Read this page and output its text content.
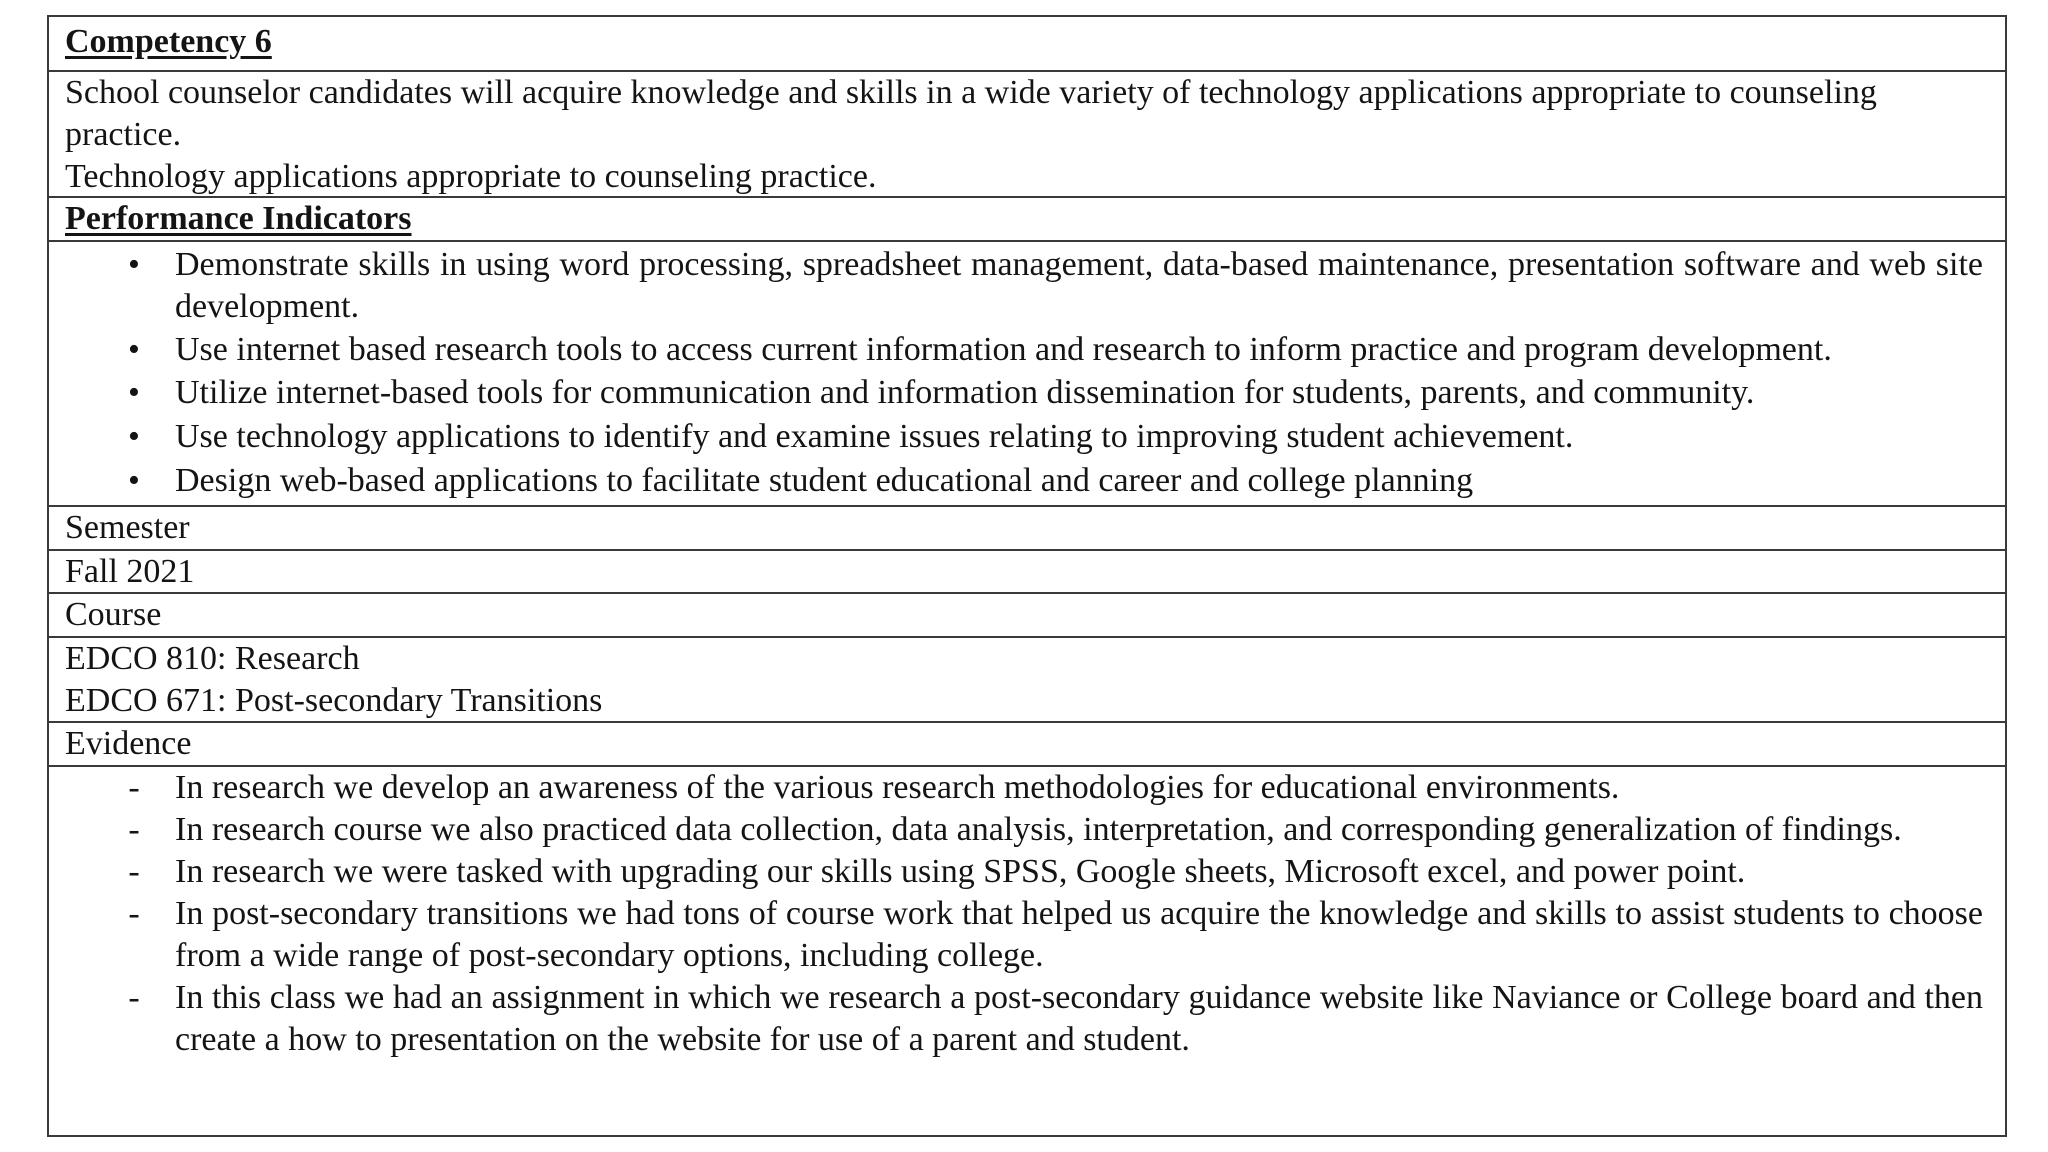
Competency 6
School counselor candidates will acquire knowledge and skills in a wide variety of technology applications appropriate to counseling practice.
Technology applications appropriate to counseling practice.
Performance Indicators
• Demonstrate skills in using word processing, spreadsheet management, data-based maintenance, presentation software and web site development.
• Use internet based research tools to access current information and research to inform practice and program development.
• Utilize internet-based tools for communication and information dissemination for students, parents, and community.
• Use technology applications to identify and examine issues relating to improving student achievement.
• Design web-based applications to facilitate student educational and career and college planning
Semester
Fall 2021
Course
EDCO 810: Research
EDCO 671: Post-secondary Transitions
Evidence
- In research we develop an awareness of the various research methodologies for educational environments.
- In research course we also practiced data collection, data analysis, interpretation, and corresponding generalization of findings.
- In research we were tasked with upgrading our skills using SPSS, Google sheets, Microsoft excel, and power point.
- In post-secondary transitions we had tons of course work that helped us acquire the knowledge and skills to assist students to choose from a wide range of post-secondary options, including college.
- In this class we had an assignment in which we research a post-secondary guidance website like Naviance or College board and then create a how to presentation on the website for use of a parent and student.
